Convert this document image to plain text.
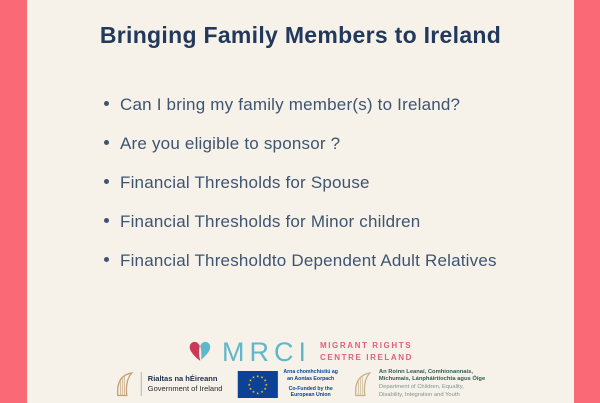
Bringing Family Members to Ireland
Can I bring my family member(s) to Ireland?
Are you eligible to sponsor ?
Financial Thresholds for Spouse
Financial Thresholds for Minor children
Financial Thresholdto Dependent Adult Relatives
MRCI MIGRANT RIGHTS
CENTRE IRELAND
Rialtas na hÉireann
Government of Ireland
★ ★
★
★
★
★
★
★
★
★
★
★
Arna chomhchistiú ag
an Aontas Eorpach
Co-Funded by the
European Union
An Roinn Leanaí, Comhionannais,
Míchumais, Lánpháirtíochta agus Óige
Department of Children, Equality,
Disability, Integration and Youth
